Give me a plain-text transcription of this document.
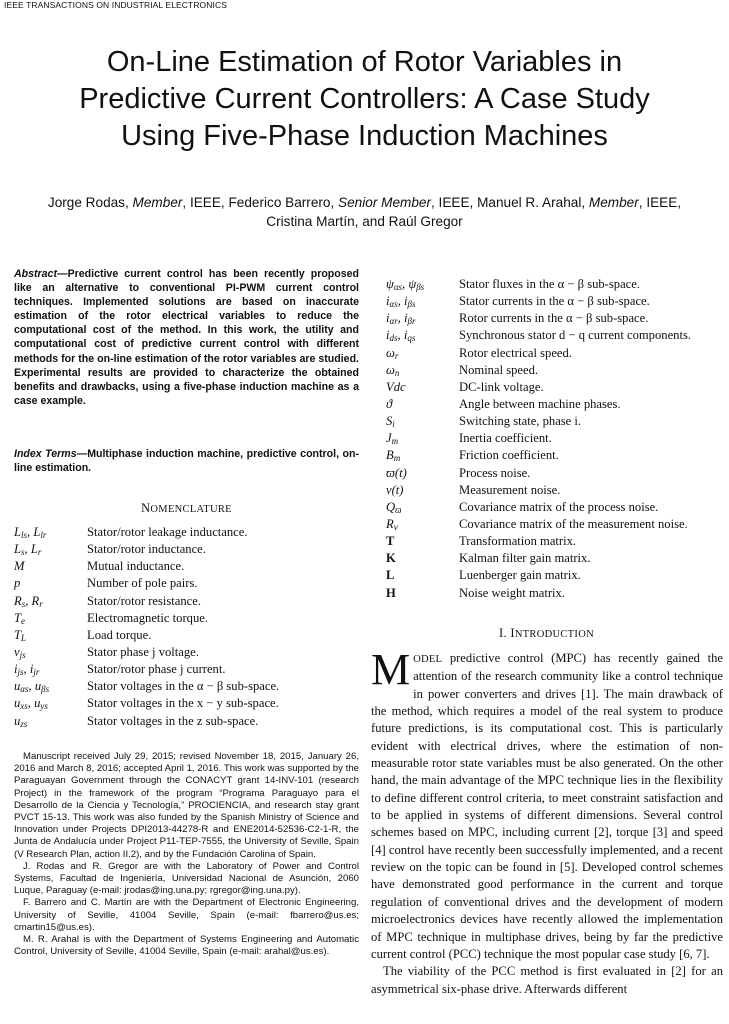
IEEE TRANSACTIONS ON INDUSTRIAL ELECTRONICS
On-Line Estimation of Rotor Variables in
Predictive Current Controllers: A Case Study
Using Five-Phase Induction Machines
Jorge Rodas, Member, IEEE, Federico Barrero, Senior Member, IEEE, Manuel R. Arahal, Member, IEEE,
Cristina Martín, and Raúl Gregor
Abstract—Predictive current control has been recently proposed like an alternative to conventional PI-PWM current control techniques. Implemented solutions are based on inaccurate estimation of the rotor electrical variables to reduce the computational cost of the method. In this work, the utility and computational cost of predictive current control with different methods for the on-line estimation of the rotor variables are studied. Experimental results are provided to characterize the obtained benefits and drawbacks, using a five-phase induction machine as a case example.
Index Terms—Multiphase induction machine, predictive control, on-line estimation.
NOMENCLATURE
$L_{ls}$, $L_{lr}$	Stator/rotor leakage inductance.
$L_s$, $L_r$	Stator/rotor inductance.
M	Mutual inductance.
p	Number of pole pairs.
$R_s$, $R_r$	Stator/rotor resistance.
$T_e$	Electromagnetic torque.
$T_L$	Load torque.
$v_{js}$	Stator phase j voltage.
$i_{js}$, $i_{jr}$	Stator/rotor phase j current.
$u_{\alpha s}$, $u_{\beta s}$	Stator voltages in the α − β sub-space.
$u_{xs}$, $u_{ys}$	Stator voltages in the x − y sub-space.
$u_{zs}$	Stator voltages in the z sub-space.
$\psi_{\alpha s}$, $\psi_{\beta s}$	Stator fluxes in the α − β sub-space.
$i_{\alpha s}$, $i_{\beta s}$	Stator currents in the α − β sub-space.
$i_{\alpha r}$, $i_{\beta r}$	Rotor currents in the α − β sub-space.
$i_{ds}$, $i_{qs}$	Synchronous stator d − q current components.
$\omega_r$	Rotor electrical speed.
$\omega_n$	Nominal speed.
Vdc	DC-link voltage.
ϑ	Angle between machine phases.
$S_i$	Switching state, phase i.
$J_m$	Inertia coefficient.
$B_m$	Friction coefficient.
ϖ(t)	Process noise.
ν(t)	Measurement noise.
$Q_ϖ$	Covariance matrix of the process noise.
$R_\nu$	Covariance matrix of the measurement noise.
T	Transformation matrix.
K	Kalman filter gain matrix.
L	Luenberger gain matrix.
H	Noise weight matrix.

Manuscript received July 29, 2015; revised November 18, 2015, January 26, 2016 and March 8, 2016; accepted April 1, 2016. This work was supported by the Paraguayan Government through the CONACYT grant 14-INV-101 (research Project) in the framework of the program “Programa Paraguayo para el Desarrollo de la Ciencia y Tecnología,” PROCIENCIA, and research stay grant PVCT 15-13. This work was also funded by the Spanish Ministry of Science and Innovation under Projects DPI2013-44278-R and ENE2014-52536-C2-1-R, the Junta de Andalucía under Project P11-TEP-7555, the University of Seville, Spain (V Research Plan, action II.2), and by the Fundación Carolina of Spain.

J. Rodas and R. Gregor are with the Laboratory of Power and Control Systems, Facultad de Ingeniería, Universidad Nacional de Asunción, 2060 Luque, Paraguay (e-mail: jrodas@ing.una.py; rgregor@ing.una.py).

F. Barrero and C. Martín are with the Department of Electronic Engineering, University of Seville, 41004 Seville, Spain (e-mail: fbarrero@us.es; cmartin15@us.es).

M. R. Arahal is with the Department of Systems Engineering and Automatic Control, University of Seville, 41004 Seville, Spain (e-mail: arahal@us.es).

I. INTRODUCTION

MODEL predictive control (MPC) has recently gained the attention of the research community like a control technique in power converters and drives [1]. The main drawback of the method, which requires a model of the real system to produce future predictions, is its computational cost. This is particularly evident with electrical drives, where the estimation of non-measurable rotor state variables must be also generated. On the other hand, the main advantage of the MPC technique lies in the flexibility to define different control criteria, to meet constraint satisfaction and to be applied in systems of different dimensions. Several control schemes based on MPC, including current [2], torque [3] and speed [4] control have recently been successfully implemented, and a recent review on the topic can be found in [5]. Developed control schemes have demonstrated good performance in the current and torque regulation of conventional drives and the development of modern microelectronics devices have recently allowed the implementation of MPC technique in multiphase drives, being by far the predictive current control (PCC) technique the most popular case study [6, 7].

The viability of the PCC method is first evaluated in [2] for an asymmetrical six-phase drive. Afterwards different
